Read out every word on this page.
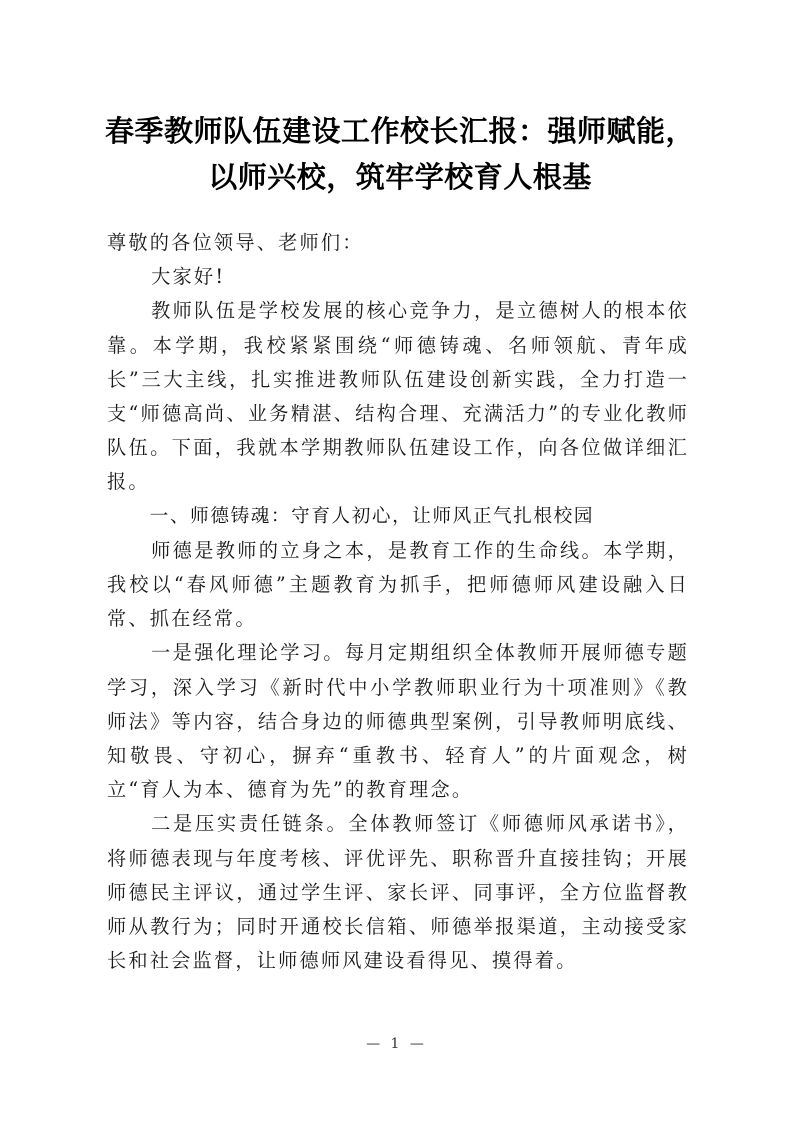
春季教师队伍建设工作校长汇报：强师赋能，以师兴校，筑牢学校育人根基

尊敬的各位领导、老师们：

大家好!

教师队伍是学校发展的核心竞争力，是立德树人的根本依靠。本学期，我校紧紧围绕“师德铸魂、名师领航、青年成长”三大主线，扎实推进教师队伍建设创新实践，全力打造一支“师德高尚、业务精湛、结构合理、充满活力”的专业化教师队伍。下面，我就本学期教师队伍建设工作，向各位做详细汇报。

一、师德铸魂：守育人初心，让师风正气扎根校园

师德是教师的立身之本，是教育工作的生命线。本学期，我校以“春风师德”主题教育为抓手，把师德师风建设融入日常、抓在经常。

一是强化理论学习。每月定期组织全体教师开展师德专题学习，深入学习《新时代中小学教师职业行为十项准则》《教师法》等内容，结合身边的师德典型案例，引导教师明底线、知敬畏、守初心，摒弃“重教书、轻育人”的片面观念，树立“育人为本、德育为先”的教育理念。

二是压实责任链条。全体教师签订《师德师风承诺书》，将师德表现与年度考核、评优评先、职称晋升直接挂钩；开展师德民主评议，通过学生评、家长评、同事评，全方位监督教师从教行为；同时开通校长信箱、师德举报渠道，主动接受家长和社会监督，让师德师风建设看得见、摸得着。

— 1 —
